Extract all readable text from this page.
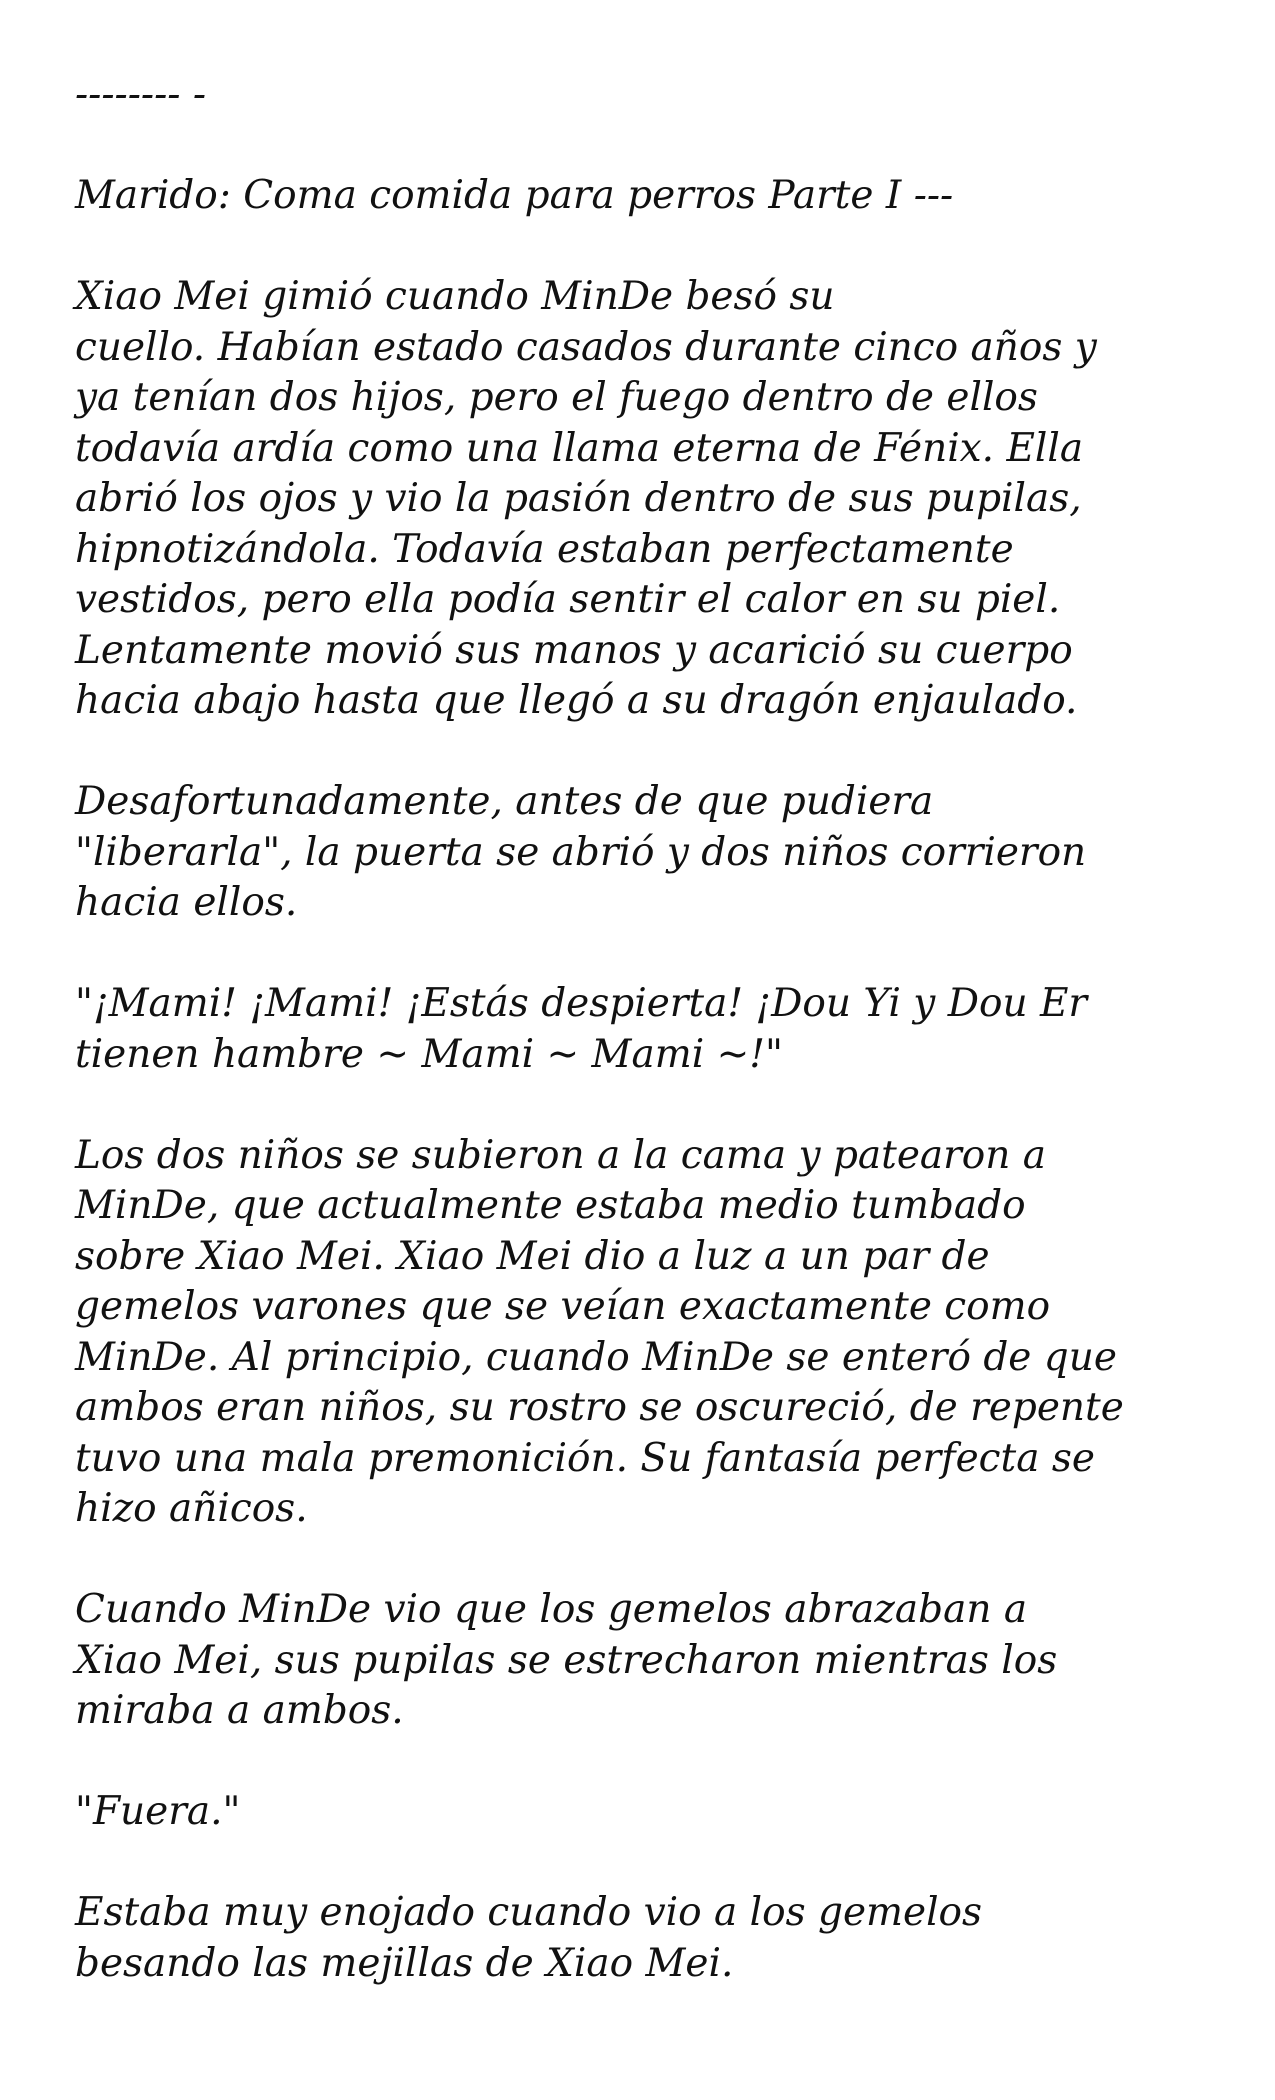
-------- -
Marido: Coma comida para perros Parte I ---
Xiao Mei gimió cuando MinDe besó su
cuello. Habían estado casados durante cinco años y
ya tenían dos hijos, pero el fuego dentro de ellos
todavía ardía como una llama eterna de Fénix. Ella
abrió los ojos y vio la pasión dentro de sus pupilas,
hipnotizándola. Todavía estaban perfectamente
vestidos, pero ella podía sentir el calor en su piel.
Lentamente movió sus manos y acarició su cuerpo
hacia abajo hasta que llegó a su dragón enjaulado.
Desafortunadamente, antes de que pudiera
"liberarla", la puerta se abrió y dos niños corrieron
hacia ellos.
"¡Mami! ¡Mami! ¡Estás despierta! ¡Dou Yi y Dou Er
tienen hambre ~ Mami ~ Mami ~!"
Los dos niños se subieron a la cama y patearon a
MinDe, que actualmente estaba medio tumbado
sobre Xiao Mei. Xiao Mei dio a luz a un par de
gemelos varones que se veían exactamente como
MinDe. Al principio, cuando MinDe se enteró de que
ambos eran niños, su rostro se oscureció, de repente
tuvo una mala premonición. Su fantasía perfecta se
hizo añicos.
Cuando MinDe vio que los gemelos abrazaban a
Xiao Mei, sus pupilas se estrecharon mientras los
miraba a ambos.
"Fuera."
Estaba muy enojado cuando vio a los gemelos
besando las mejillas de Xiao Mei.
